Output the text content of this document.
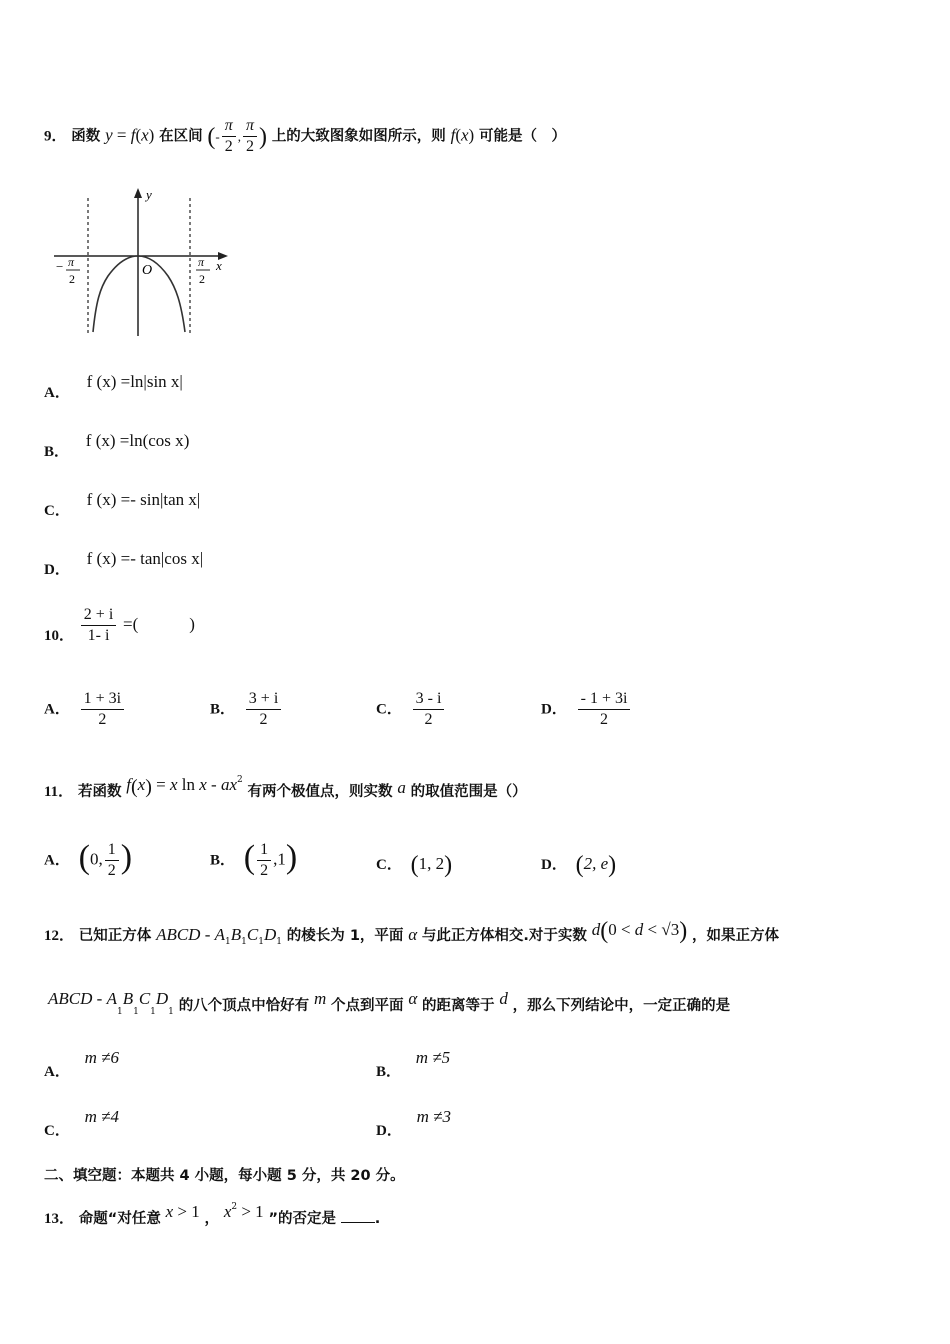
9． 函数 y = f(x) 在区间 (- $\frac{\pi}{2}$ , $\frac{\pi}{2}$ ) 上的大致图象如图所示，则 f(x) 可能是（　）
y
x
O
− π
2
π
2
A． f (x) =ln|sin x|
B． f (x) =ln(cos x)
C． f (x) =- sin|tan x|
D． f (x) =- tan|cos x|
10． $\frac{2 + i}{1- i}$ =(　　　)
A． $\frac{1 + 3i}{2}$	B． $\frac{3 + i}{2}$	C． $\frac{3 - i}{2}$	D． $\frac{- 1 + 3i}{2}$
11． 若函数 f(x) = x ln x - $ax^2$ 有两个极值点，则实数 a 的取值范围是（）
A． (0, $\frac{1}{2}$ )	B． ( $\frac{1}{2} ,1$)	C． (1, 2)	D． (2, e)
12． 已知正方体 ABCD - $A_1B_1C_1D_1$ 的棱长为 1，平面 α 与此正方体相交.对于实数 d(0 < d < √3) ，如果正方体
ABCD - $A_1B_1C_1D_1$ 的八个顶点中恰好有 m 个点到平面 α 的距离等于 d ，那么下列结论中，一定正确的是
A． m ≠6
B． m ≠5
C． m ≠4
D． m ≠3
二、填空题：本题共 4 小题，每小题 5 分，共 20 分。
13． 命题“对任意 x > 1 ， $x^2 > 1$ ”的否定是	.
